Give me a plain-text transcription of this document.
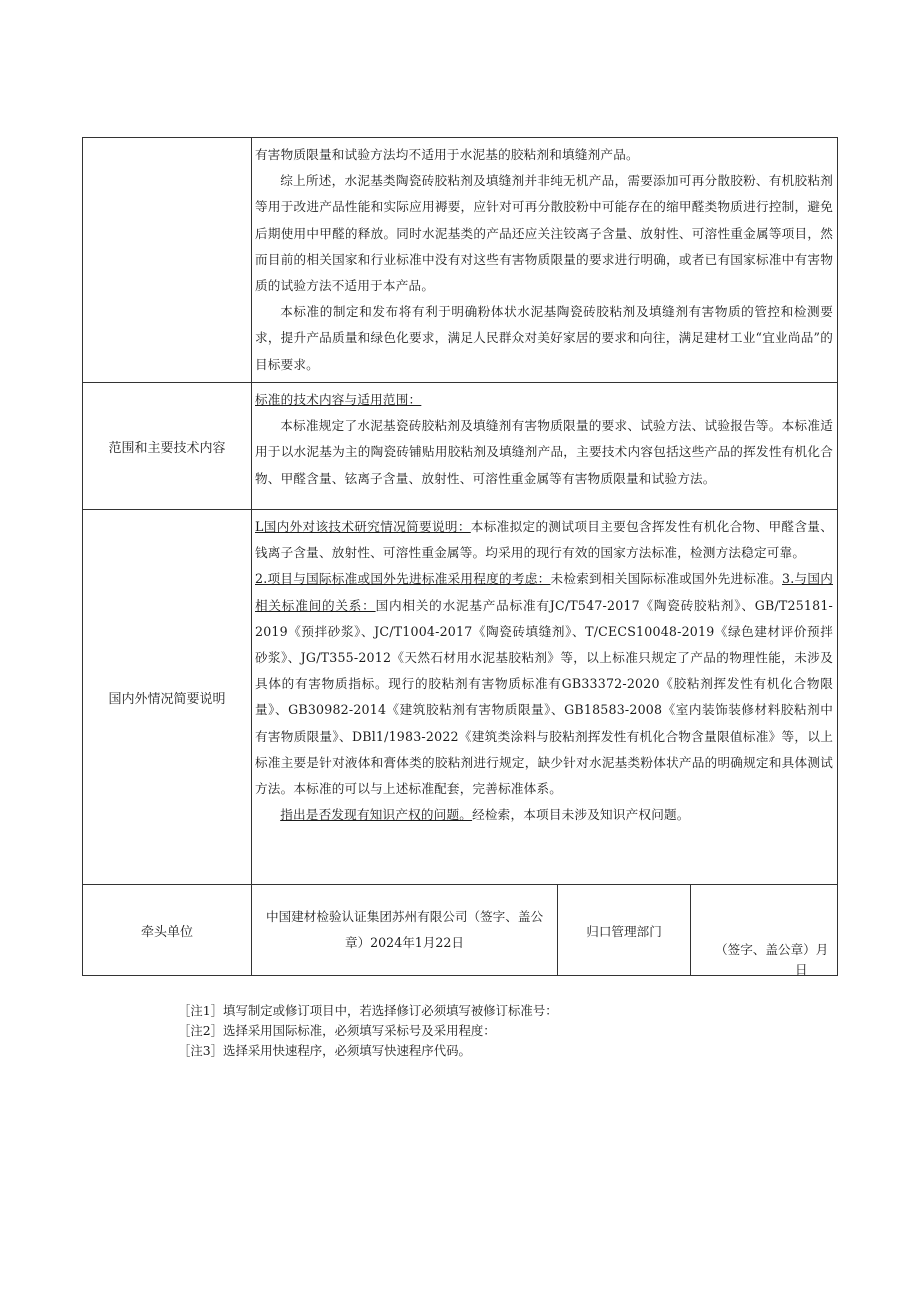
	有害物质限量和试验方法均不适用于水泥基的胶粘剂和填缝剂产品。

综上所述，水泥基类陶瓷砖胶粘剂及填缝剂并非纯无机产品，需要添加可再分散胶粉、有机胶粘剂等用于改进产品性能和实际应用褥要，应针对可再分散胶粉中可能存在的缩甲醛类物质进行控制，避免后期使用中甲醛的释放。同时水泥基类的产品还应关注铰离子含量、放射性、可溶性重金属等项目，然而目前的相关国家和行业标准中没有对这些有害物质限量的要求进行明确，或者已有国家标准中有害物质的试验方法不适用于本产品。

本标准的制定和发布将有利于明确粉体状水泥基陶瓷砖胶粘剂及填缝剂有害物质的管控和检测要求，提升产品质量和绿色化要求，满足人民群众对美好家居的要求和向往，满足建材工业“宜业尚品”的目标要求。		

范围和主要技术内容	标准的技术内容与适用范围：

本标准规定了水泥基瓷砖胶粘剂及填缝剂有害物质限量的要求、试验方法、试验报告等。本标准适用于以水泥基为主的陶瓷砖铺贴用胶粘剂及填缝剂产品，主要技术内容包括这些产品的挥发性有机化合物、甲醛含量、铉离子含量、放射性、可溶性重金属等有害物质限量和试验方法。		

国内外情况简要说明	L国内外对该技术研究情况简要说明：本标准拟定的测试项目主要包含挥发性有机化合物、甲醛含量、钱离子含量、放射性、可溶性重金属等。均采用的现行有效的国家方法标准，检测方法稳定可靠。

2.项目与国际标准或国外先进标准采用程度的考虑：未检索到相关国际标准或国外先进标准。3.与国内相关标准间的关系：国内相关的水泥基产品标准有JC/T547-2017《陶瓷砖胶粘剂》、GB/T25181-2019《预拌砂浆》、JC/T1004-2017《陶瓷砖填缝剂》、T/CECS10048-2019《绿色建材评价预拌砂浆》、JG/T355-2012《天然石材用水泥基胶粘剂》等，以上标准只规定了产品的物理性能，未涉及具体的有害物质指标。现行的胶粘剂有害物质标准有GB33372-2020《胶粘剂挥发性有机化合物限量》、GB30982-2014《建筑胶粘剂有害物质限量》、GB18583-2008《室内装饰装修材料胶粘剂中有害物质限量》、DBl1/1983-2022《建筑类涂料与胶粘剂挥发性有机化合物含量限值标准》等，以上标准主要是针对液体和膏体类的胶粘剂进行规定，缺少针对水泥基类粉体状产品的明确规定和具体测试方法。本标准的可以与上述标准配套，完善标准体系。

指出是否发现有知识产权的问题。经检索，本项目未涉及知识产权问题。		

牵头单位	中国建材检验认证集团苏州有限公司（签字、盖公章）2024年1月22日	归口管理部门	（签字、盖公章）月
日

［注1］填写制定或修订项目中，若选择修订必须填写被修订标准号：

［注2］选择采用国际标准，必须填写采标号及采用程度：

［注3］选择采用快速程序，必须填写快速程序代码。
